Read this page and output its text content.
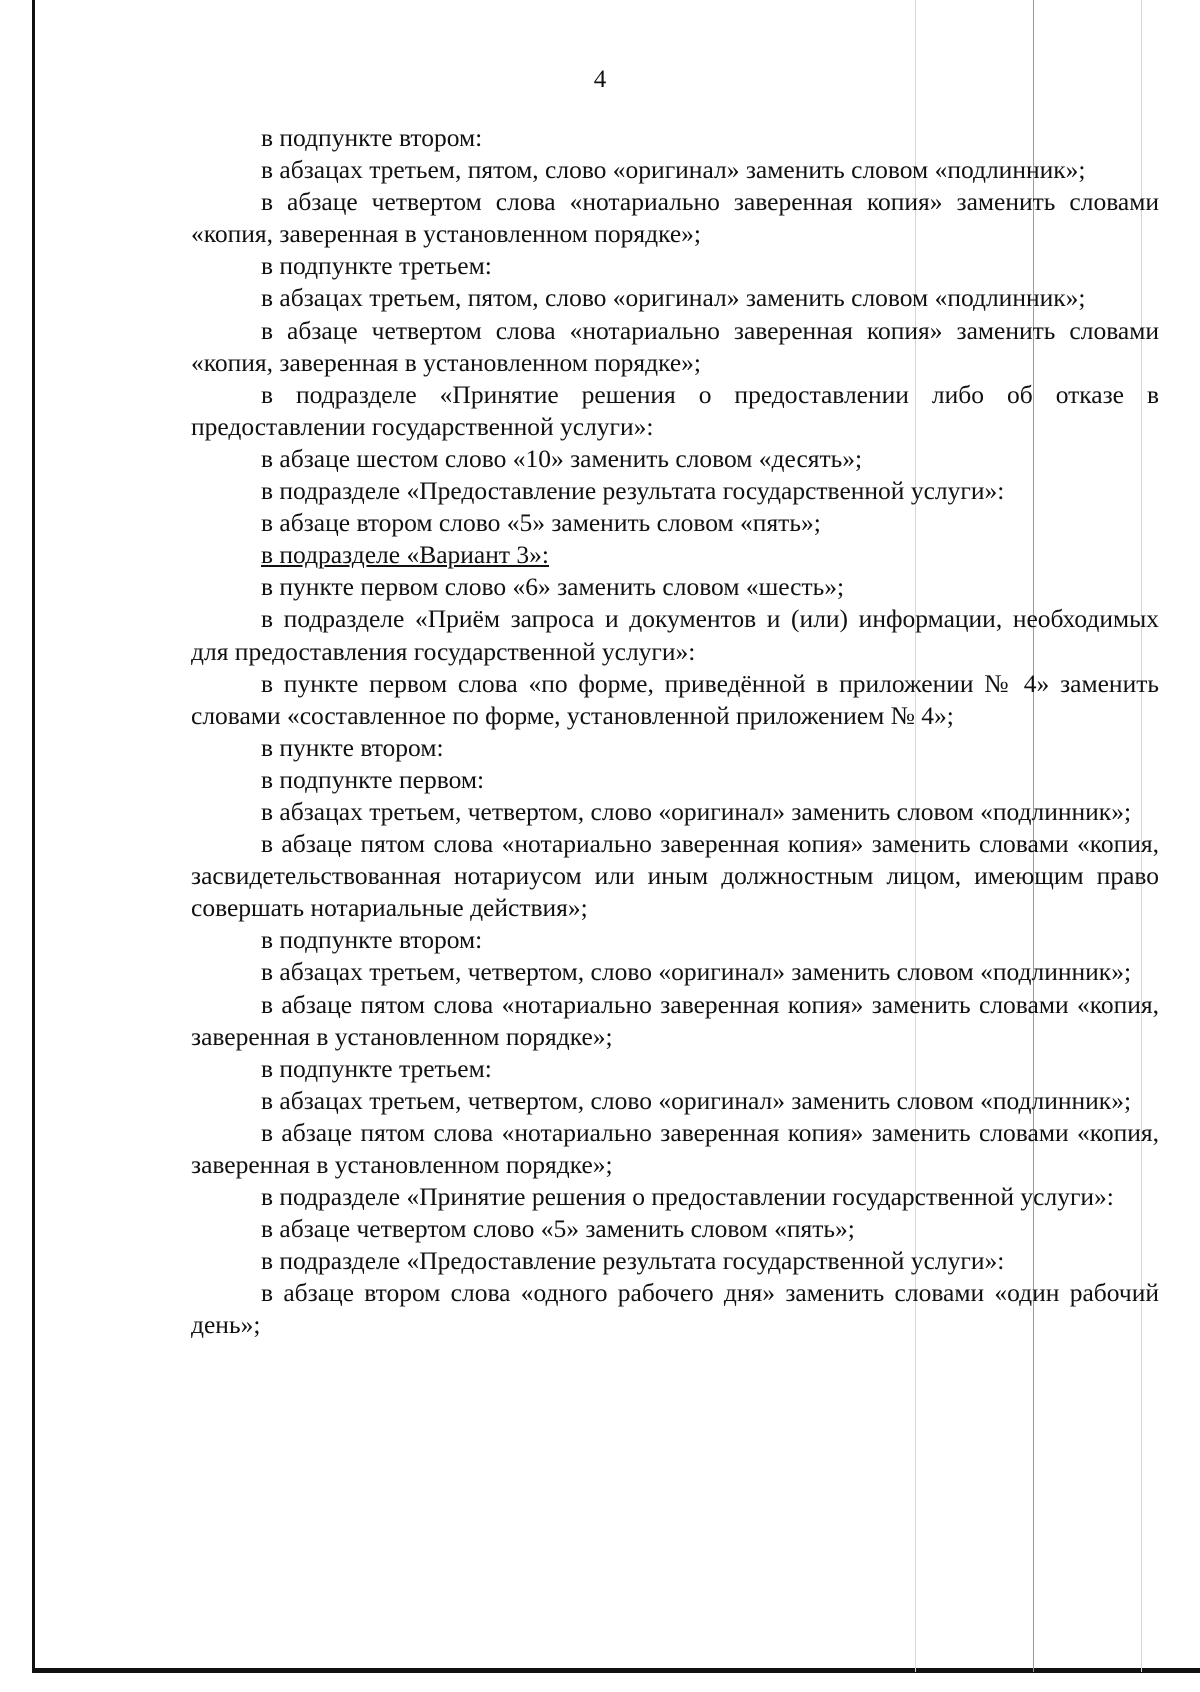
4

в подпункте втором:

в абзацах третьем, пятом, слово «оригинал» заменить словом «подлинник»;

в абзаце четвертом слова «нотариально заверенная копия» заменить словами «копия, заверенная в установленном порядке»;

в подпункте третьем:

в абзацах третьем, пятом, слово «оригинал» заменить словом «подлинник»;

в абзаце четвертом слова «нотариально заверенная копия» заменить словами «копия, заверенная в установленном порядке»;

в подразделе «Принятие решения о предоставлении либо об отказе в предоставлении государственной услуги»:

в абзаце шестом слово «10» заменить словом «десять»;

в подразделе «Предоставление результата государственной услуги»:

в абзаце втором слово «5» заменить словом «пять»;

в подразделе «Вариант 3»:

в пункте первом слово «6» заменить словом «шесть»;

в подразделе «Приём запроса и документов и (или) информации, необходимых для предоставления государственной услуги»:

в пункте первом слова «по форме, приведённой в приложении № 4» заменить словами «составленное по форме, установленной приложением № 4»;

в пункте втором:

в подпункте первом:

в абзацах третьем, четвертом, слово «оригинал» заменить словом «подлинник»;

в абзаце пятом слова «нотариально заверенная копия» заменить словами «копия, засвидетельствованная нотариусом или иным должностным лицом, имеющим право совершать нотариальные действия»;

в подпункте втором:

в абзацах третьем, четвертом, слово «оригинал» заменить словом «подлинник»;

в абзаце пятом слова «нотариально заверенная копия» заменить словами «копия, заверенная в установленном порядке»;

в подпункте третьем:

в абзацах третьем, четвертом, слово «оригинал» заменить словом «подлинник»;

в абзаце пятом слова «нотариально заверенная копия» заменить словами «копия, заверенная в установленном порядке»;

в подразделе «Принятие решения о предоставлении государственной услуги»:

в абзаце четвертом слово «5» заменить словом «пять»;

в подразделе «Предоставление результата государственной услуги»:

в абзаце втором слова «одного рабочего дня» заменить словами «один рабочий день»;
